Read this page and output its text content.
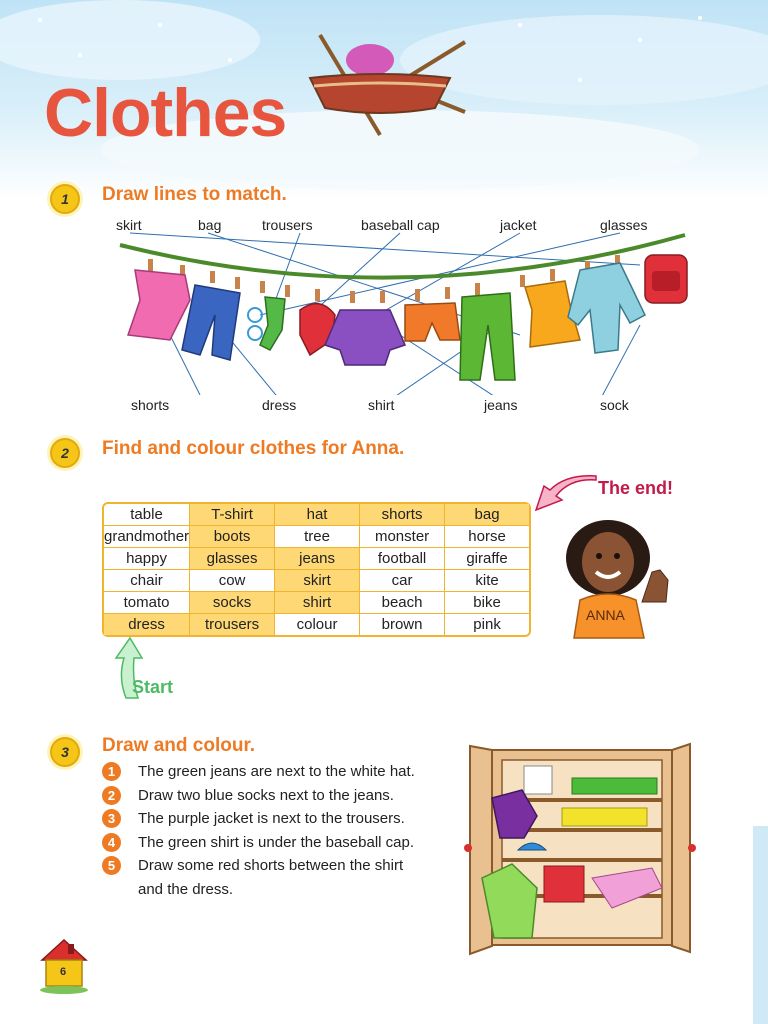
Clothes
1	Draw lines to match.
skirt	bag	trousers	baseball cap	jacket	glasses
shorts	dress	shirt	jeans	sock
2	Find and colour clothes for Anna.
table	T-shirt	hat	shorts	bag
grandmother	boots	tree	monster	horse
happy	glasses	jeans	football	giraffe
chair	cow	skirt	car	kite
tomato	socks	shirt	beach	bike
dress	trousers	colour	brown	pink
The end!
Start
ANNA
3	Draw and colour.
1	The green jeans are next to the white hat.
2	Draw two blue socks next to the jeans.
3	The purple jacket is next to the trousers.
4	The green shirt is under the baseball cap.
5	Draw some red shorts between the shirt
and the dress.
6
